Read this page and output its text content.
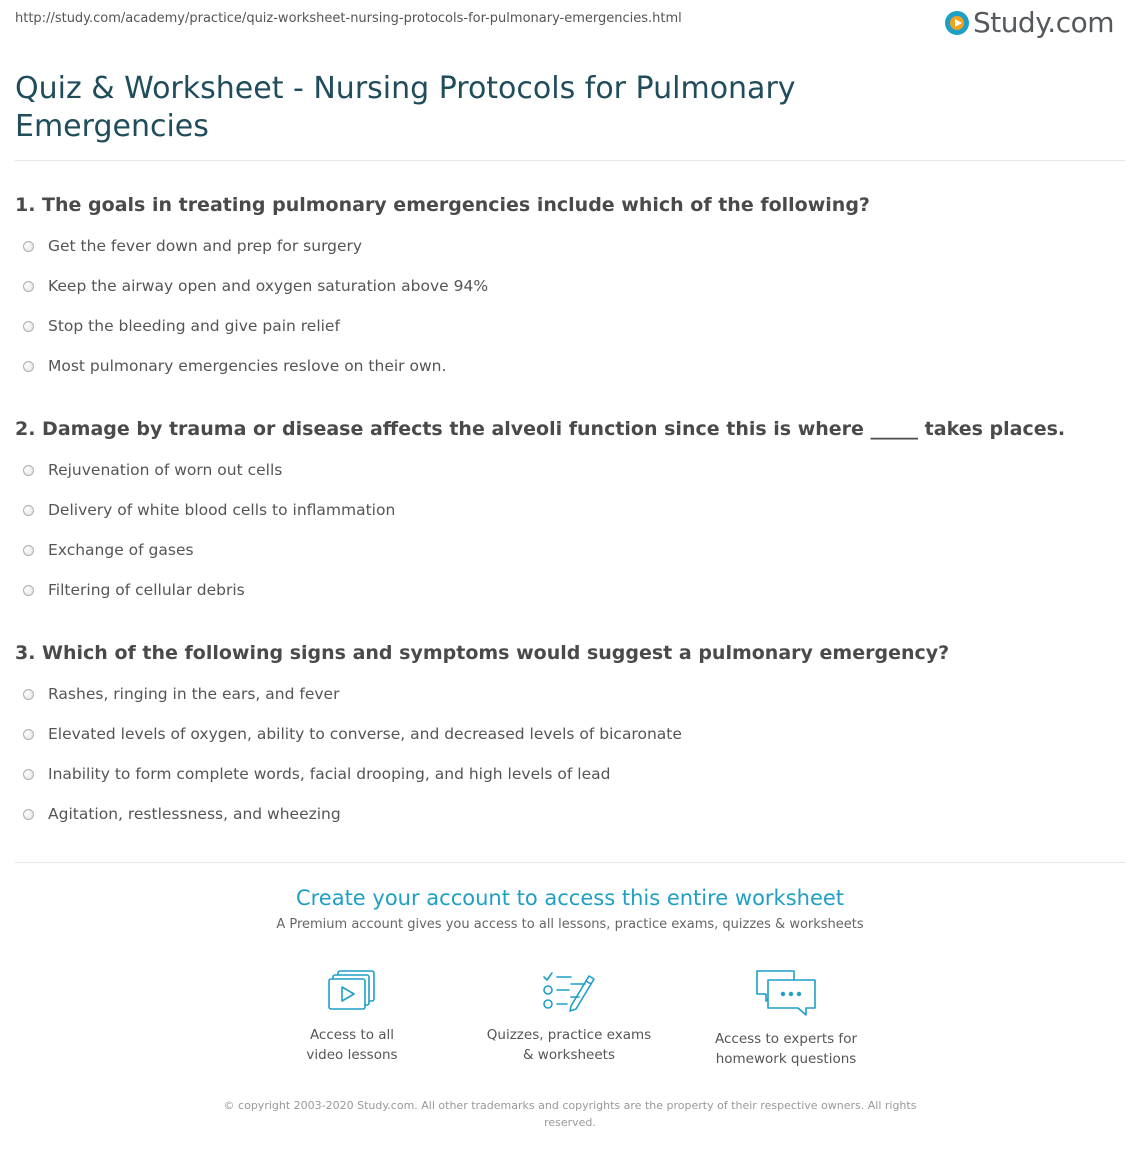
http://study.com/academy/practice/quiz-worksheet-nursing-protocols-for-pulmonary-emergencies.html	Study.com
Quiz & Worksheet - Nursing Protocols for Pulmonary Emergencies
1. The goals in treating pulmonary emergencies include which of the following?
Get the fever down and prep for surgery
Keep the airway open and oxygen saturation above 94%
Stop the bleeding and give pain relief
Most pulmonary emergencies reslove on their own.
2. Damage by trauma or disease affects the alveoli function since this is where _____ takes places.
Rejuvenation of worn out cells
Delivery of white blood cells to inflammation
Exchange of gases
Filtering of cellular debris
3. Which of the following signs and symptoms would suggest a pulmonary emergency?
Rashes, ringing in the ears, and fever
Elevated levels of oxygen, ability to converse, and decreased levels of bicaronate
Inability to form complete words, facial drooping, and high levels of lead
Agitation, restlessness, and wheezing
Create your account to access this entire worksheet
A Premium account gives you access to all lessons, practice exams, quizzes & worksheets
Access to all
video lessons
Quizzes, practice exams
& worksheets
Access to experts for
homework questions
© copyright 2003-2020 Study.com. All other trademarks and copyrights are the property of their respective owners. All rights reserved.
